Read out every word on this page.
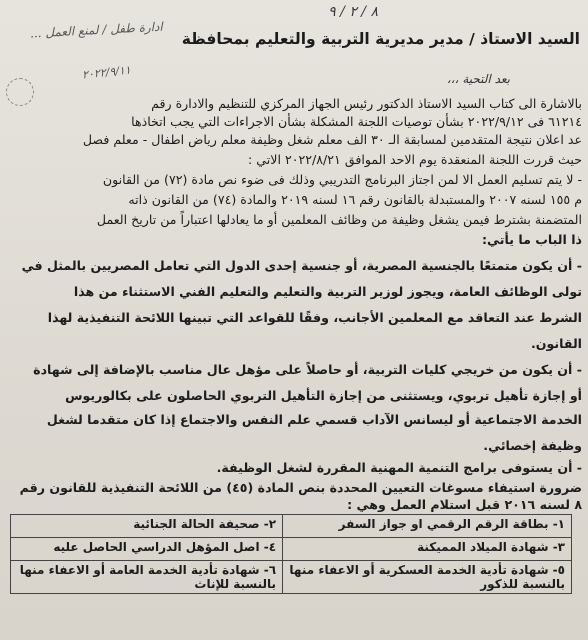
٨ / ٢ / ٩
ادارة طفل / لمنع العمل ...
٢٠٢٢/٩/١١
السيد الاستاذ / مدير مديرية التربية والتعليم بمحافظة
بعد التحية ،،،
بالاشارة الى كتاب السيد الاستاذ الدكتور رئيس الجهاز المركزي للتنظيم والادارة رقم
٦١٢١٤ فى ٢٠٢٢/٩/١٢ بشأن توصيات اللجنة المشكلة بشأن الاجراءات التي يجب اتخاذها
عد اعلان نتيجة المتقدمين لمسابقة الـ ٣٠ الف معلم شغل وظيفة معلم رياض اطفال - معلم فصل
حيث قررت اللجنة المنعقدة يوم الاحد الموافق ٢٠٢٢/٨/٢١ الاتي :
- لا يتم تسليم العمل الا لمن اجتاز البرنامج التدريبي وذلك فى ضوء نص مادة (٧٢) من القانون
م ١٥٥ لسنه ٢٠٠٧ والمستبدلة بالقانون رقم ١٦ لسنه ٢٠١٩ والمادة (٧٤) من القانون ذاته
المتضمنة بشترط فيمن يشغل وظيفة من وظائف المعلمين أو ما يعادلها اعتباراً من تاريخ العمل
ذا الباب ما يأتي:
- أن يكون متمتعًا بالجنسية المصرية، أو جنسية إحدى الدول التي تعامل المصريين بالمثل في
تولى الوظائف العامة، ويجوز لوزير التربية والتعليم والتعليم الفني الاستثناء من هذا
الشرط عند التعاقد مع المعلمين الأجانب، وفقًا للقواعد التي تبينها اللائحة التنفيذية لهذا
القانون.
- أن يكون من خريجي كليات التربية، أو حاصلاً على مؤهل عال مناسب بالإضافة إلى شهادة
أو إجازة تأهيل تربوي، ويستثنى من إجازة التأهيل التربوي الحاصلون على بكالوريوس
الخدمة الاجتماعية أو ليسانس الآداب قسمي علم النفس والاجتماع إذا كان متقدما لشغل
وظيفة إخصائي.
- أن يستوفى برامج التنمية المهنية المقررة لشغل الوظيفة.
ضرورة استيفاء مسوغات التعيين المحددة بنص المادة (٤٥) من اللائحة التنفيذية للقانون رقم
٨ لسنه ٢٠١٦ قبل استلام العمل وهي :
١- بطاقة الرقم الرقمي او جواز السفر	٢- صحيفة الحالة الجنائية
٣- شهادة الميلاد المميكنة	٤- اصل المؤهل الدراسي الحاصل عليه
٥- شهادة تأدية الخدمة العسكرية أو الاعفاء منها بالنسبة للذكور	٦- شهادة تأدية الخدمة العامة أو الاعفاء منها بالنسبة للإناث
